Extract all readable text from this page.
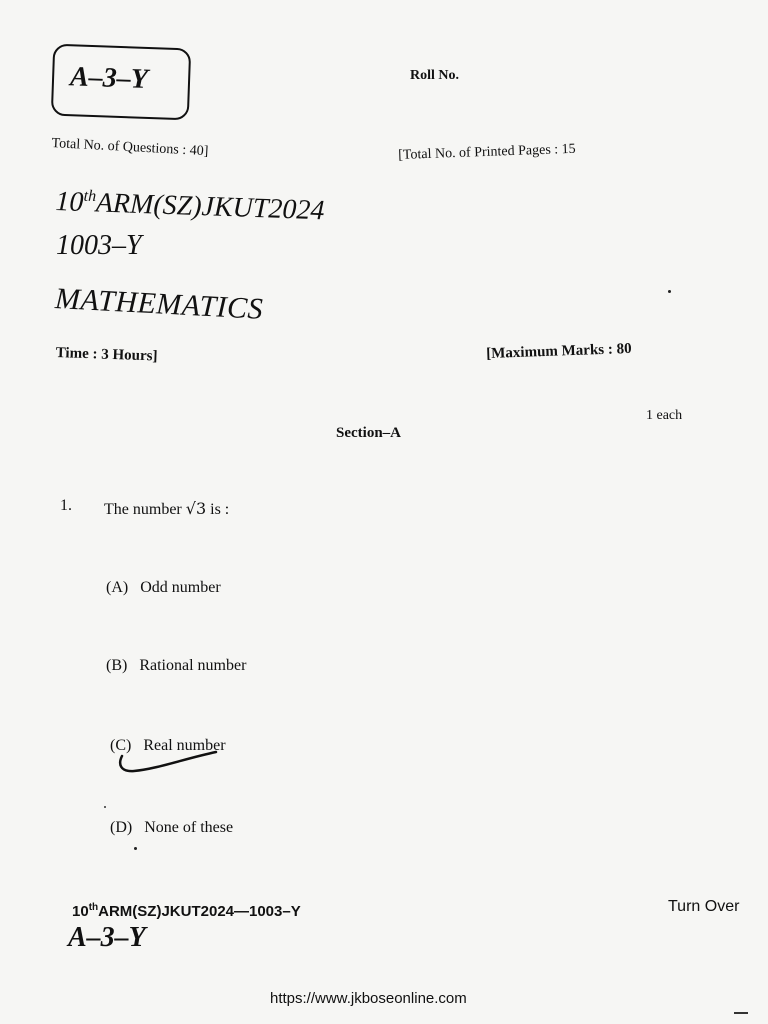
A–3–Y	Roll No.
Total No. of Questions : 40]	[Total No. of Printed Pages : 15
10thARM(SZ)JKUT2024
1003–Y
MATHEMATICS
Time : 3 Hours]	[Maximum Marks : 80
Section–A
1 each
1. The number √3 is :
(A) Odd number
(B) Rational number
(C) Real number
(D) None of these
10thARM(SZ)JKUT2024—1003–Y
A–3–Y
Turn Over
https://www.jkboseonline.com
